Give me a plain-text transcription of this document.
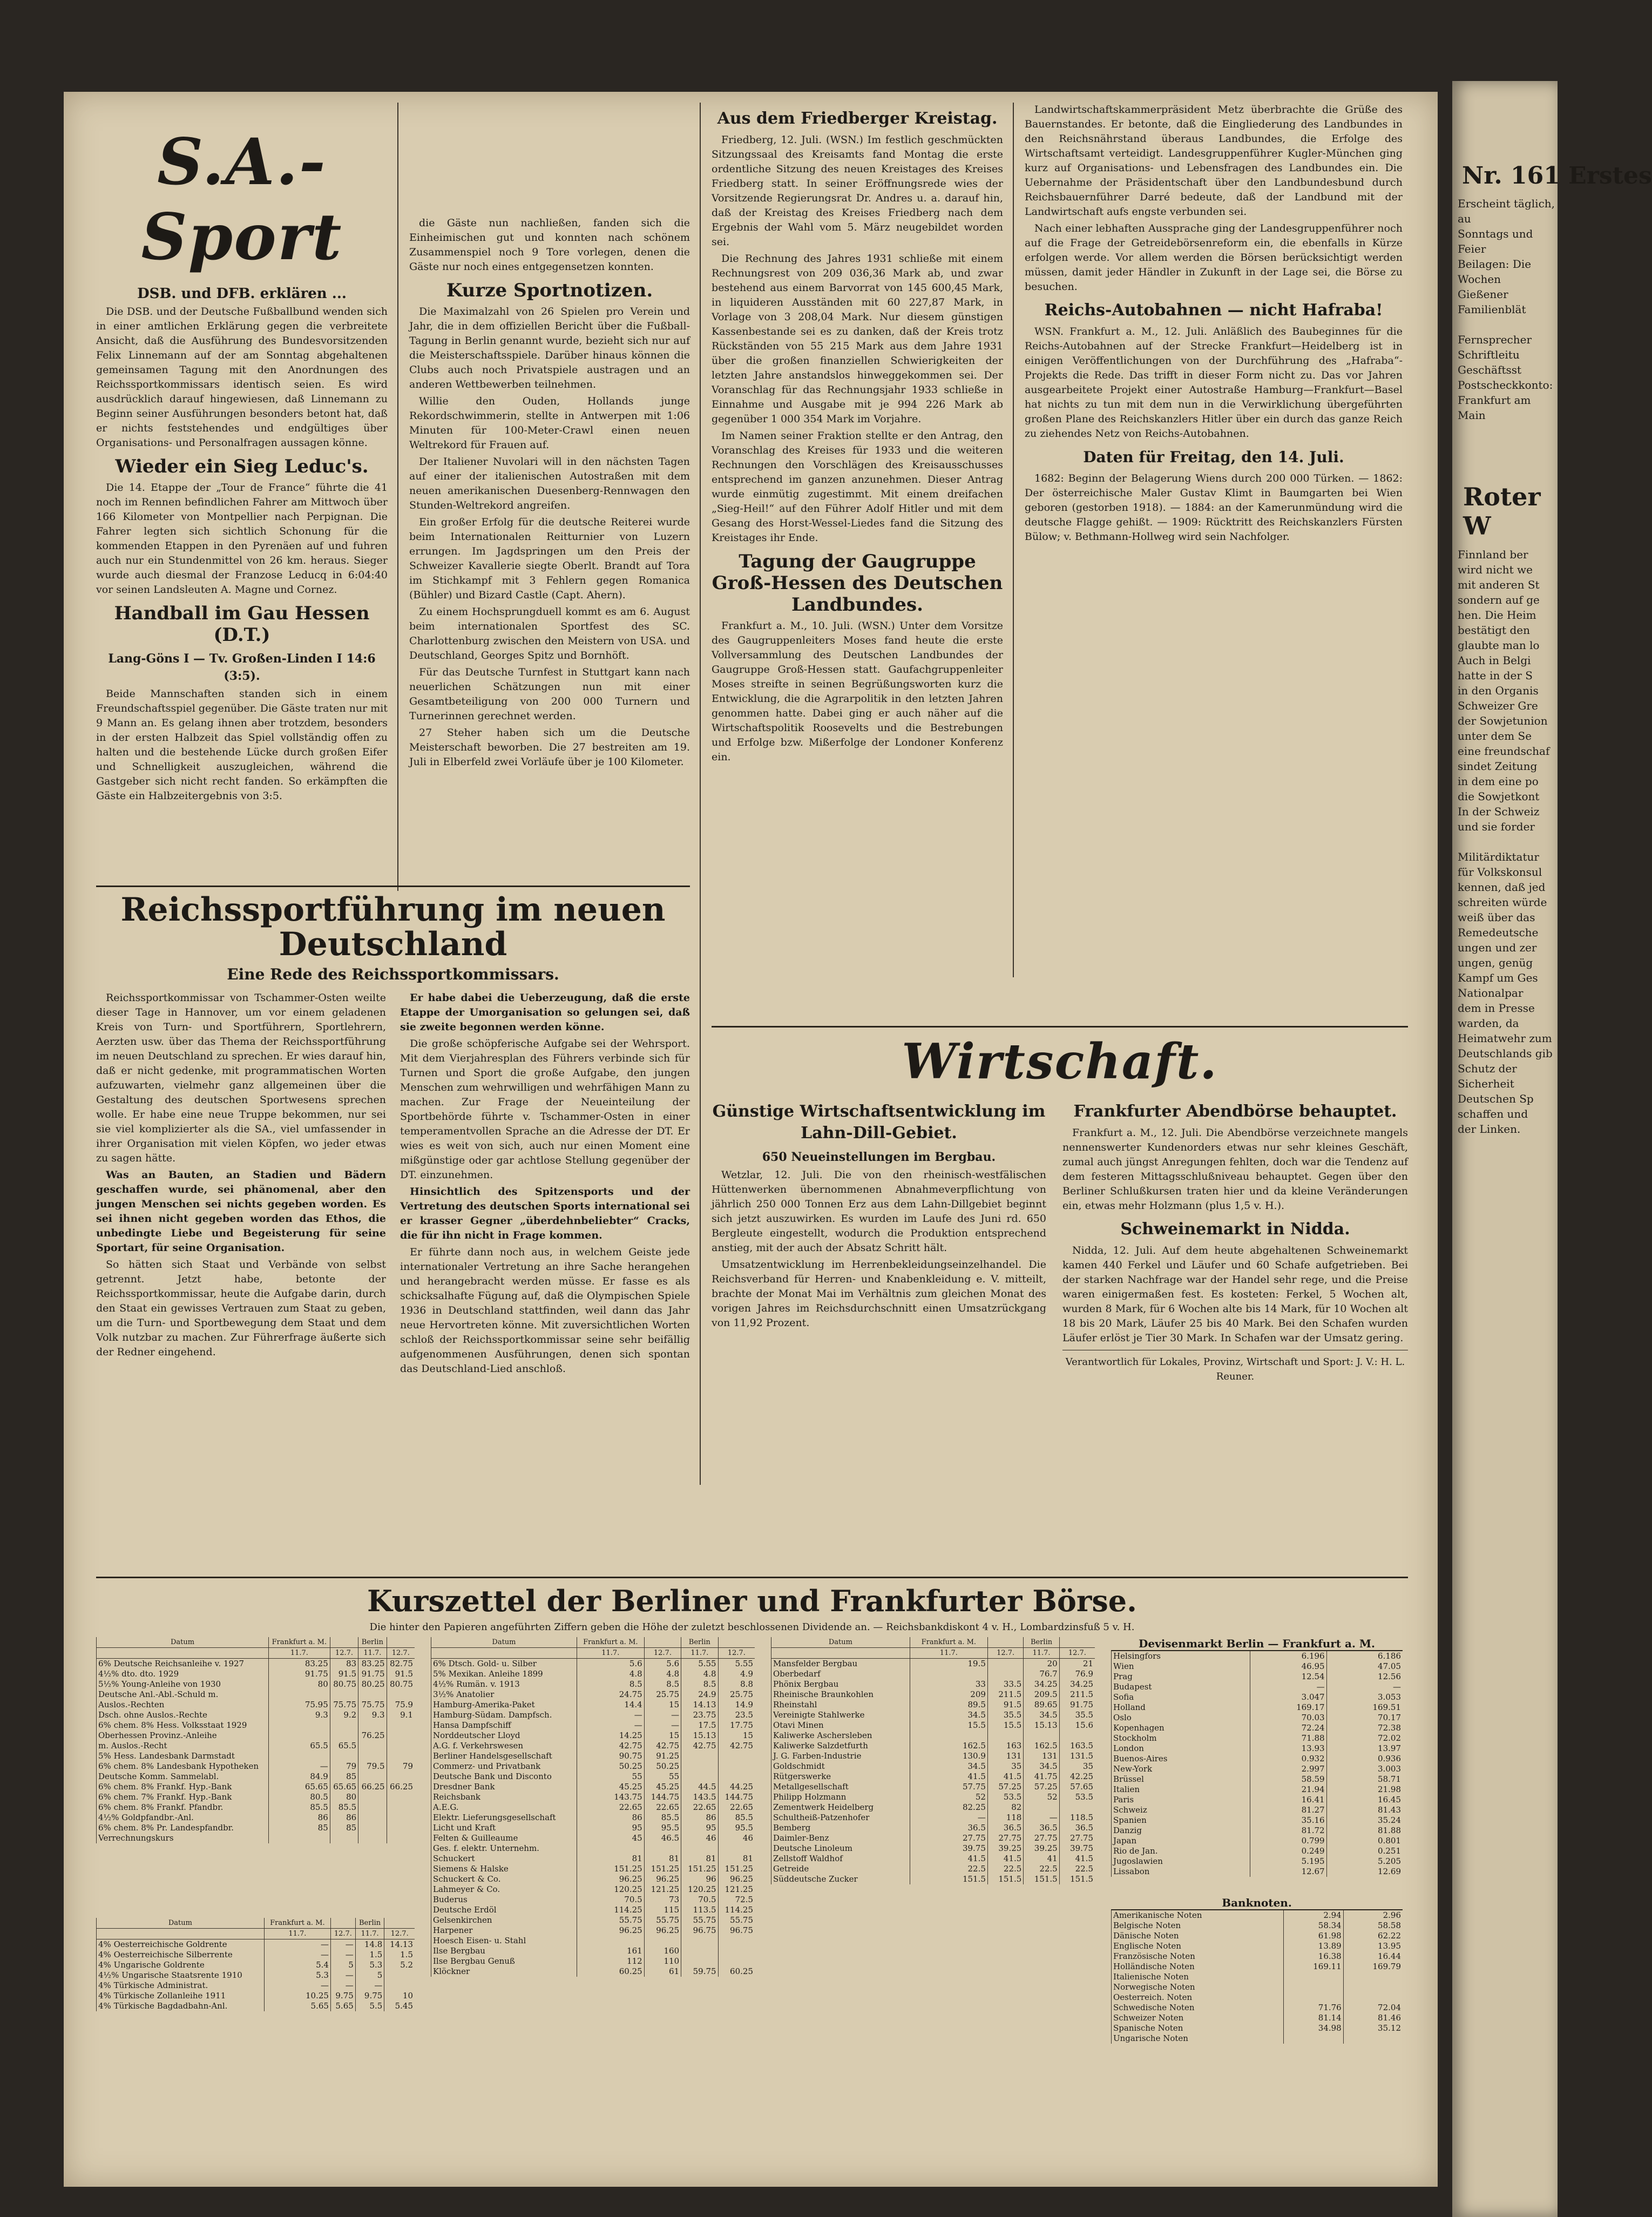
S.A.-Sport
DSB. und DFB. erklären ...

Die DSB. und der Deutsche Fußballbund wenden sich in einer amtlichen Erklärung gegen die verbreitete Ansicht, daß die Ausführung des Bundesvorsitzenden Felix Linnemann auf der am Sonntag abgehaltenen gemeinsamen Tagung mit den Anordnungen des Reichssportkommissars identisch seien. Es wird ausdrücklich darauf hingewiesen, daß Linnemann zu Beginn seiner Ausführungen besonders betont hat, daß er nichts feststehendes und endgültiges über Organisations- und Personalfragen aussagen könne.

Wieder ein Sieg Leduc's.

Die 14. Etappe der „Tour de France“ führte die 41 noch im Rennen befindlichen Fahrer am Mittwoch über 166 Kilometer von Montpellier nach Perpignan. Die Fahrer legten sich sichtlich Schonung für die kommenden Etappen in den Pyrenäen auf und fuhren auch nur ein Stundenmittel von 26 km. heraus. Sieger wurde auch diesmal der Franzose Leducq in 6:04:40 vor seinen Landsleuten A. Magne und Cornez.

Handball im Gau Hessen (D.T.)
Lang-Göns I — Tv. Großen-Linden I 14:6 (3:5).

Beide Mannschaften standen sich in einem Freundschaftsspiel gegenüber. Die Gäste traten nur mit 9 Mann an. Es gelang ihnen aber trotzdem, besonders in der ersten Halbzeit das Spiel vollständig offen zu halten und die bestehende Lücke durch großen Eifer und Schnelligkeit auszugleichen, während die Gastgeber sich nicht recht fanden. So erkämpften die Gäste ein Halbzeitergebnis von 3:5.

die Gäste nun nachließen, fanden sich die Einheimischen gut und konnten nach schönem Zusammenspiel noch 9 Tore vorlegen, denen die Gäste nur noch eines entgegensetzen konnten.

Kurze Sportnotizen.

Die Maximalzahl von 26 Spielen pro Verein und Jahr, die in dem offiziellen Bericht über die Fußball-Tagung in Berlin genannt wurde, bezieht sich nur auf die Meisterschaftsspiele. Darüber hinaus können die Clubs auch noch Privatspiele austragen und an anderen Wettbewerben teilnehmen.

Willie den Ouden, Hollands junge Rekordschwimmerin, stellte in Antwerpen mit 1:06 Minuten für 100-Meter-Crawl einen neuen Weltrekord für Frauen auf.

Der Italiener Nuvolari will in den nächsten Tagen auf einer der italienischen Autostraßen mit dem neuen amerikanischen Duesenberg-Rennwagen den Stunden-Weltrekord angreifen.

Ein großer Erfolg für die deutsche Reiterei wurde beim Internationalen Reitturnier von Luzern errungen. Im Jagdspringen um den Preis der Schweizer Kavallerie siegte Oberlt. Brandt auf Tora im Stichkampf mit 3 Fehlern gegen Romanica (Bühler) und Bizard Castle (Capt. Ahern).

Zu einem Hochsprungduell kommt es am 6. August beim internationalen Sportfest des SC. Charlottenburg zwischen den Meistern von USA. und Deutschland, Georges Spitz und Bornhöft.

Für das Deutsche Turnfest in Stuttgart kann nach neuerlichen Schätzungen nun mit einer Gesamtbeteiligung von 200 000 Turnern und Turnerinnen gerechnet werden.

27 Steher haben sich um die Deutsche Meisterschaft beworben. Die 27 bestreiten am 19. Juli in Elberfeld zwei Vorläufe über je 100 Kilometer.

Reichssportführung im neuen Deutschland
Eine Rede des Reichssportkommissars.

Reichssportkommissar von Tschammer-Osten weilte dieser Tage in Hannover, um vor einem geladenen Kreis von Turn- und Sportführern, Sportlehrern, Aerzten usw. über das Thema der Reichssportführung im neuen Deutschland zu sprechen. Er wies darauf hin, daß er nicht gedenke, mit programmatischen Worten aufzuwarten, vielmehr ganz allgemeinen über die Gestaltung des deutschen Sportwesens sprechen wolle. Er habe eine neue Truppe bekommen, nur sei sie viel komplizierter als die SA., viel umfassender in ihrer Organisation mit vielen Köpfen, wo jeder etwas zu sagen hätte.

Was an Bauten, an Stadien und Bädern geschaffen wurde, sei phänomenal, aber den jungen Menschen sei nichts gegeben worden. Es sei ihnen nicht gegeben worden das Ethos, die unbedingte Liebe und Begeisterung für seine Sportart, für seine Organisation.

So hätten sich Staat und Verbände von selbst getrennt. Jetzt habe, betonte der Reichssportkommissar, heute die Aufgabe darin, durch den Staat ein gewisses Vertrauen zum Staat zu geben, um die Turn- und Sportbewegung dem Staat und dem Volk nutzbar zu machen. Zur Führerfrage äußerte sich der Redner eingehend.

Er habe dabei die Ueberzeugung, daß die erste Etappe der Umorganisation so gelungen sei, daß sie zweite begonnen werden könne.

Die große schöpferische Aufgabe sei der Wehrsport. Mit dem Vierjahresplan des Führers verbinde sich für Turnen und Sport die große Aufgabe, den jungen Menschen zum wehrwilligen und wehrfähigen Mann zu machen. Zur Frage der Neueinteilung der Sportbehörde führte v. Tschammer-Osten in einer temperamentvollen Sprache an die Adresse der DT. Er wies es weit von sich, auch nur einen Moment eine mißgünstige oder gar achtlose Stellung gegenüber der DT. einzunehmen.

Hinsichtlich des Spitzensports und der Vertretung des deutschen Sports international sei er krasser Gegner „überdehnbeliebter“ Cracks, die für ihn nicht in Frage kommen.

Er führte dann noch aus, in welchem Geiste jede internationaler Vertretung an ihre Sache herangehen und herangebracht werden müsse. Er fasse es als schicksalhafte Fügung auf, daß die Olympischen Spiele 1936 in Deutschland stattfinden, weil dann das Jahr neue Hervortreten könne. Mit zuversichtlichen Worten schloß der Reichssportkommissar seine sehr beifällig aufgenommenen Ausführungen, denen sich spontan das Deutschland-Lied anschloß.

Aus dem Friedberger Kreistag.

Friedberg, 12. Juli. (WSN.) Im festlich geschmückten Sitzungssaal des Kreisamts fand Montag die erste ordentliche Sitzung des neuen Kreistages des Kreises Friedberg statt. In seiner Eröffnungsrede wies der Vorsitzende Regierungsrat Dr. Andres u. a. darauf hin, daß der Kreistag des Kreises Friedberg nach dem Ergebnis der Wahl vom 5. März neugebildet worden sei.

Die Rechnung des Jahres 1931 schließe mit einem Rechnungsrest von 209 036,36 Mark ab, und zwar bestehend aus einem Barvorrat von 145 600,45 Mark, in liquideren Ausständen mit 60 227,87 Mark, in Vorlage von 3 208,04 Mark. Nur diesem günstigen Kassenbestande sei es zu danken, daß der Kreis trotz Rückständen von 55 215 Mark aus dem Jahre 1931 über die großen finanziellen Schwierigkeiten der letzten Jahre anstandslos hinweggekommen sei. Der Voranschlag für das Rechnungsjahr 1933 schließe in Einnahme und Ausgabe mit je 994 226 Mark ab gegenüber 1 000 354 Mark im Vorjahre.

Im Namen seiner Fraktion stellte er den Antrag, den Voranschlag des Kreises für 1933 und die weiteren Rechnungen den Vorschlägen des Kreisausschusses entsprechend im ganzen anzunehmen. Dieser Antrag wurde einmütig zugestimmt. Mit einem dreifachen „Sieg-Heil!“ auf den Führer Adolf Hitler und mit dem Gesang des Horst-Wessel-Liedes fand die Sitzung des Kreistages ihr Ende.

Tagung der Gaugruppe Groß-Hessen des Deutschen Landbundes.

Frankfurt a. M., 10. Juli. (WSN.) Unter dem Vorsitze des Gaugruppenleiters Moses fand heute die erste Vollversammlung des Deutschen Landbundes der Gaugruppe Groß-Hessen statt. Gaufachgruppenleiter Moses streifte in seinen Begrüßungsworten kurz die Entwicklung, die die Agrarpolitik in den letzten Jahren genommen hatte. Dabei ging er auch näher auf die Wirtschaftspolitik Roosevelts und die Bestrebungen und Erfolge bzw. Mißerfolge der Londoner Konferenz ein.

Landwirtschaftskammerpräsident Metz überbrachte die Grüße des Bauernstandes. Er betonte, daß die Eingliederung des Landbundes in den Reichsnährstand überaus Landbundes, die Erfolge des Wirtschaftsamt verteidigt. Landesgruppenführer Kugler-München ging kurz auf Organisations- und Lebensfragen des Landbundes ein. Die Uebernahme der Präsidentschaft über den Landbundesbund durch Reichsbauernführer Darré bedeute, daß der Landbund mit der Landwirtschaft aufs engste verbunden sei.

Nach einer lebhaften Aussprache ging der Landesgruppenführer noch auf die Frage der Getreidebörsenreform ein, die ebenfalls in Kürze erfolgen werde. Vor allem werden die Börsen berücksichtigt werden müssen, damit jeder Händler in Zukunft in der Lage sei, die Börse zu besuchen.

Reichs-Autobahnen — nicht Hafraba!

WSN. Frankfurt a. M., 12. Juli. Anläßlich des Baubeginnes für die Reichs-Autobahnen auf der Strecke Frankfurt—Heidelberg ist in einigen Veröffentlichungen von der Durchführung des „Hafraba“-Projekts die Rede. Das trifft in dieser Form nicht zu. Das vor Jahren ausgearbeitete Projekt einer Autostraße Hamburg—Frankfurt—Basel hat nichts zu tun mit dem nun in die Verwirklichung übergeführten großen Plane des Reichskanzlers Hitler über ein durch das ganze Reich zu ziehendes Netz von Reichs-Autobahnen.

Daten für Freitag, den 14. Juli.

1682: Beginn der Belagerung Wiens durch 200 000 Türken. — 1862: Der österreichische Maler Gustav Klimt in Baumgarten bei Wien geboren (gestorben 1918). — 1884: an der Kamerunmündung wird die deutsche Flagge gehißt. — 1909: Rücktritt des Reichskanzlers Fürsten Bülow; v. Bethmann-Hollweg wird sein Nachfolger.

Wirtschaft.
Günstige Wirtschaftsentwicklung im Lahn-Dill-Gebiet.
650 Neueinstellungen im Bergbau.

Wetzlar, 12. Juli. Die von den rheinisch-westfälischen Hüttenwerken übernommenen Abnahmeverpflichtung von jährlich 250 000 Tonnen Erz aus dem Lahn-Dillgebiet beginnt sich jetzt auszuwirken. Es wurden im Laufe des Juni rd. 650 Bergleute eingestellt, wodurch die Produktion entsprechend anstieg, mit der auch der Absatz Schritt hält.

Umsatzentwicklung im Herrenbekleidungseinzelhandel. Die Reichsverband für Herren- und Knabenkleidung e. V. mitteilt, brachte der Monat Mai im Verhältnis zum gleichen Monat des vorigen Jahres im Reichsdurchschnitt einen Umsatzrückgang von 11,92 Prozent.

Frankfurter Abendbörse behauptet.

Frankfurt a. M., 12. Juli. Die Abendbörse verzeichnete mangels nennenswerter Kundenorders etwas nur sehr kleines Geschäft, zumal auch jüngst Anregungen fehlten, doch war die Tendenz auf dem festeren Mittagsschlußniveau behauptet. Gegen über den Berliner Schlußkursen traten hier und da kleine Veränderungen ein, etwas mehr Holzmann (plus 1,5 v. H.).

Schweinemarkt in Nidda.

Nidda, 12. Juli. Auf dem heute abgehaltenen Schweinemarkt kamen 440 Ferkel und Läufer und 60 Schafe aufgetrieben. Bei der starken Nachfrage war der Handel sehr rege, und die Preise waren einigermaßen fest. Es kosteten: Ferkel, 5 Wochen alt, wurden 8 Mark, für 6 Wochen alte bis 14 Mark, für 10 Wochen alt 18 bis 20 Mark, Läufer 25 bis 40 Mark. Bei den Schafen wurden Läufer erlöst je Tier 30 Mark. In Schafen war der Umsatz gering.

Verantwortlich für Lokales, Provinz, Wirtschaft und Sport: J. V.: H. L. Reuner.

Kurszettel der Berliner und Frankfurter Börse.
Die hinter den Papieren angeführten Ziffern geben die Höhe der zuletzt beschlossenen Dividende an. — Reichsbankdiskont 4 v. H., Lombardzinsfuß 5 v. H.
Datum	Frankfurt a. M.		Berlin	
	11.7.	12.7.	11.7.	12.7.
6% Deutsche Reichsanleihe v. 1927	83.25	83	83.25	82.75
4½% dto. dto. 1929	91.75	91.5	91.75	91.5
5½% Young-Anleihe von 1930	80	80.75	80.25	80.75
Deutsche Anl.-Abl.-Schuld m.				
Auslos.-Rechten	75.95	75.75	75.75	75.9
Dsch. ohne Auslos.-Rechte	9.3	9.2	9.3	9.1
6% chem. 8% Hess. Volksstaat 1929				
Oberhessen Provinz.-Anleihe			76.25	
m. Auslos.-Recht	65.5	65.5		
5% Hess. Landesbank Darmstadt				
6% chem. 8% Landesbank Hypotheken	—	79	79.5	79
Deutsche Komm. Sammelabl.	84.9	85		
6% chem. 8% Frankf. Hyp.-Bank	65.65	65.65	66.25	66.25
6% chem. 7% Frankf. Hyp.-Bank	80.5	80		
6% chem. 8% Frankf. Pfandbr.	85.5	85.5		
4½% Goldpfandbr.-Anl.	86	86		
6% chem. 8% Pr. Landespfandbr.	85	85		
Verrechnungskurs				
Datum	Frankfurt a. M.		Berlin	
	11.7.	12.7.	11.7.	12.7.
4% Oesterreichische Goldrente	—	—	14.8	14.13
4% Oesterreichische Silberrente	—	—	1.5	1.5
4% Ungarische Goldrente	5.4	5	5.3	5.2
4½% Ungarische Staatsrente 1910	5.3	—	5	
4% Türkische Administrat.	—	—	—	
4% Türkische Zollanleihe 1911	10.25	9.75	9.75	10
4% Türkische Bagdadbahn-Anl.	5.65	5.65	5.5	5.45
Datum	Frankfurt a. M.		Berlin	
	11.7.	12.7.	11.7.	12.7.
6% Dtsch. Gold- u. Silber	5.6	5.6	5.55	5.55
5% Mexikan. Anleihe 1899	4.8	4.8	4.8	4.9
4½% Rumän. v. 1913	8.5	8.5	8.5	8.8
3½% Anatolier	24.75	25.75	24.9	25.75
Hamburg-Amerika-Paket	14.4	15	14.13	14.9
Hamburg-Südam. Dampfsch.	—	—	23.75	23.5
Hansa Dampfschiff	—	—	17.5	17.75
Norddeutscher Lloyd	14.25	15	15.13	15
A.G. f. Verkehrswesen	42.75	42.75	42.75	42.75
Berliner Handelsgesellschaft	90.75	91.25		
Commerz- und Privatbank	50.25	50.25		
Deutsche Bank und Disconto	55	55		
Dresdner Bank	45.25	45.25	44.5	44.25
Reichsbank	143.75	144.75	143.5	144.75
A.E.G.	22.65	22.65	22.65	22.65
Elektr. Lieferungsgesellschaft	86	85.5	86	85.5
Licht und Kraft	95	95.5	95	95.5
Felten & Guilleaume	45	46.5	46	46
Ges. f. elektr. Unternehm.				
Schuckert	81	81	81	81
Siemens & Halske	151.25	151.25	151.25	151.25
Schuckert & Co.	96.25	96.25	96	96.25
Lahmeyer & Co.	120.25	121.25	120.25	121.25
Buderus	70.5	73	70.5	72.5
Deutsche Erdöl	114.25	115	113.5	114.25
Gelsenkirchen	55.75	55.75	55.75	55.75
Harpener	96.25	96.25	96.75	96.75
Hoesch Eisen- u. Stahl				
Ilse Bergbau	161	160		
Ilse Bergbau Genuß	112	110		
Klöckner	60.25	61	59.75	60.25
Datum	Frankfurt a. M.		Berlin	
	11.7.	12.7.	11.7.	12.7.
Mansfelder Bergbau	19.5		20	21
Oberbedarf			76.7	76.9
Phönix Bergbau	33	33.5	34.25	34.25
Rheinische Braunkohlen	209	211.5	209.5	211.5
Rheinstahl	89.5	91.5	89.65	91.75
Vereinigte Stahlwerke	34.5	35.5	34.5	35.5
Otavi Minen	15.5	15.5	15.13	15.6
Kaliwerke Aschersleben				
Kaliwerke Salzdetfurth	162.5	163	162.5	163.5
J. G. Farben-Industrie	130.9	131	131	131.5
Goldschmidt	34.5	35	34.5	35
Rütgerswerke	41.5	41.5	41.75	42.25
Metallgesellschaft	57.75	57.25	57.25	57.65
Philipp Holzmann	52	53.5	52	53.5
Zementwerk Heidelberg	82.25	82		
Schultheiß-Patzenhofer	—	118	—	118.5
Bemberg	36.5	36.5	36.5	36.5
Daimler-Benz	27.75	27.75	27.75	27.75
Deutsche Linoleum	39.75	39.25	39.25	39.75
Zellstoff Waldhof	41.5	41.5	41	41.5
Getreide	22.5	22.5	22.5	22.5
Süddeutsche Zucker	151.5	151.5	151.5	151.5
Devisenmarkt Berlin — Frankfurt a. M.
Helsingfors	6.196	6.186
Wien	46.95	47.05
Prag	12.54	12.56
Budapest	—	—
Sofia	3.047	3.053
Holland	169.17	169.51
Oslo	70.03	70.17
Kopenhagen	72.24	72.38
Stockholm	71.88	72.02
London	13.93	13.97
Buenos-Aires	0.932	0.936
New-York	2.997	3.003
Brüssel	58.59	58.71
Italien	21.94	21.98
Paris	16.41	16.45
Schweiz	81.27	81.43
Spanien	35.16	35.24
Danzig	81.72	81.88
Japan	0.799	0.801
Rio de Jan.	0.249	0.251
Jugoslawien	5.195	5.205
Lissabon	12.67	12.69
Banknoten.
Amerikanische Noten	2.94	2.96
Belgische Noten	58.34	58.58
Dänische Noten	61.98	62.22
Englische Noten	13.89	13.95
Französische Noten	16.38	16.44
Holländische Noten	169.11	169.79
Italienische Noten		
Norwegische Noten		
Oesterreich. Noten		
Schwedische Noten	71.76	72.04
Schweizer Noten	81.14	81.46
Spanische Noten	34.98	35.12
Ungarische Noten		
Nr. 161 Erstes
Erscheint täglich, au
Sonntags und Feier
Beilagen: Die Wochen
Gießener Familienblät

Fernsprecher
Schriftleitu
Geschäftsst
Postscheckkonto:
Frankfurt am Main
Roter W
Finnland ber
wird nicht we
mit anderen St
sondern auf ge
hen. Die Heim
bestätigt den
glaubte man lo
Auch in Belgi
hatte in der S
in den Organis
Schweizer Gre
der Sowjetunion
unter dem Se
eine freundschaf
sindet Zeitung
in dem eine po
die Sowjetkont
In der Schweiz
und sie forder

Militärdiktatur
für Volkskonsul
kennen, daß jed
schreiten würde
weiß über das
Remedeutsche
ungen und zer
ungen, genüg
Kampf um Ges
Nationalpar
dem in Presse
warden, da
Heimatwehr zum
Deutschlands gib
Schutz der Sicherheit
Deutschen Sp
schaffen und
der Linken.
